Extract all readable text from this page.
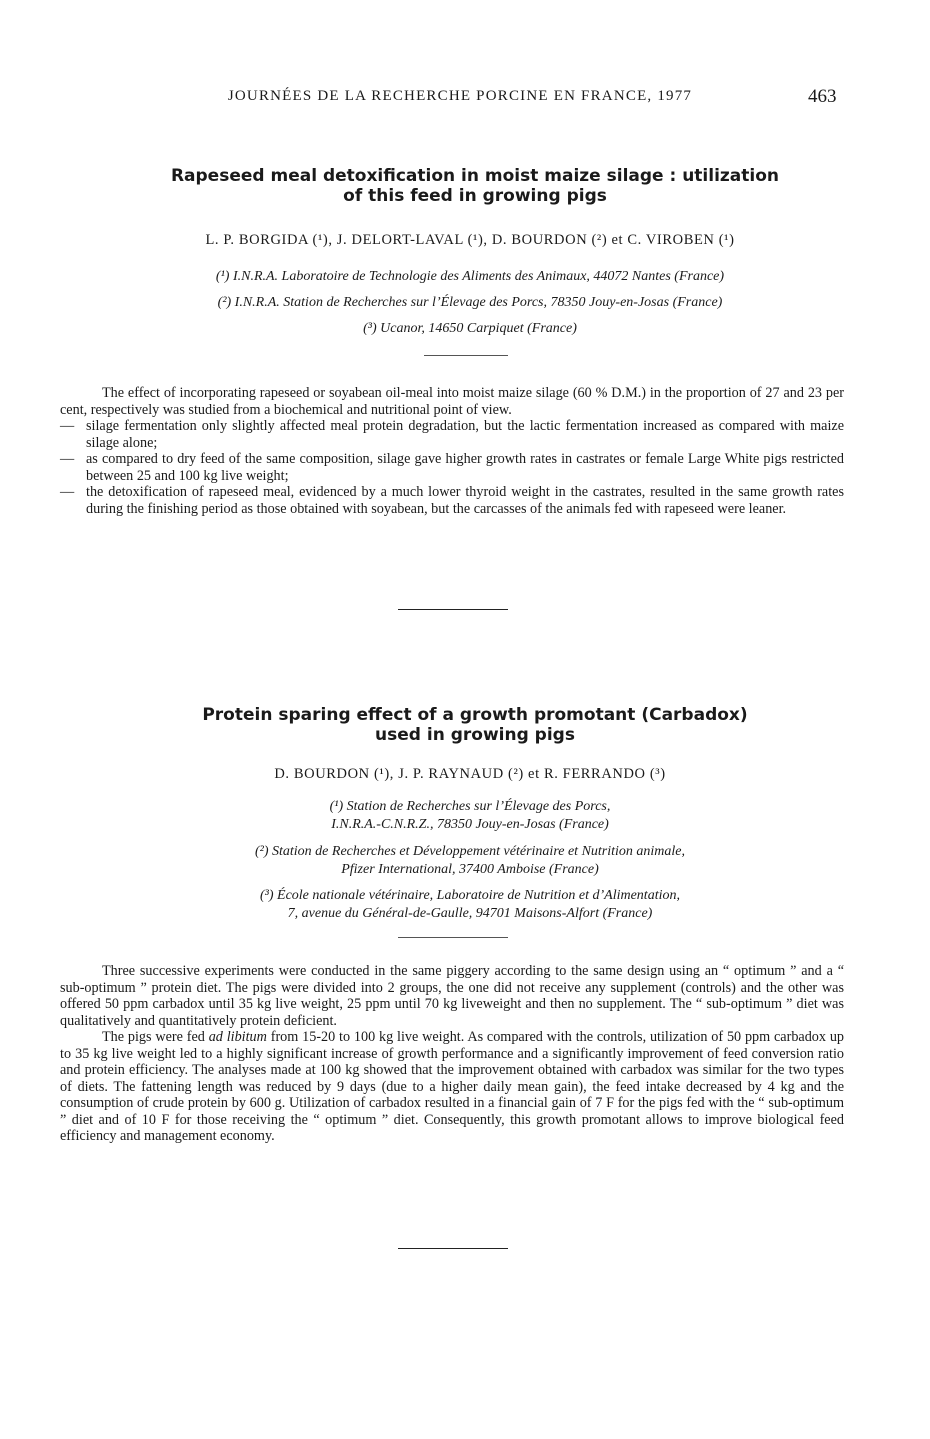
JOURNÉES DE LA RECHERCHE PORCINE EN FRANCE, 1977	463
Rapeseed meal detoxification in moist maize silage : utilization
of this feed in growing pigs
L. P. BORGIDA (¹), J. DELORT-LAVAL (¹), D. BOURDON (²) et C. VIROBEN (¹)
(¹) I.N.R.A. Laboratoire de Technologie des Aliments des Animaux, 44072 Nantes (France)
(²) I.N.R.A. Station de Recherches sur l’Élevage des Porcs, 78350 Jouy-en-Josas (France)
(³) Ucanor, 14650 Carpiquet (France)

The effect of incorporating rapeseed or soyabean oil-meal into moist maize silage (60 % D.M.) in the proportion of 27 and 23 per cent, respectively was studied from a biochemical and nutritional point of view.

— silage fermentation only slightly affected meal protein degradation, but the lactic fermentation increased as compared with maize silage alone;
— as compared to dry feed of the same composition, silage gave higher growth rates in castrates or female Large White pigs restricted between 25 and 100 kg live weight;
— the detoxification of rapeseed meal, evidenced by a much lower thyroid weight in the castrates, resulted in the same growth rates during the finishing period as those obtained with soyabean, but the carcasses of the animals fed with rapeseed were leaner.
Protein sparing effect of a growth promotant (Carbadox)
used in growing pigs
D. BOURDON (¹), J. P. RAYNAUD (²) et R. FERRANDO (³)
(¹) Station de Recherches sur l’Élevage des Porcs,
I.N.R.A.-C.N.R.Z., 78350 Jouy-en-Josas (France)
(²) Station de Recherches et Développement vétérinaire et Nutrition animale,
Pfizer International, 37400 Amboise (France)
(³) École nationale vétérinaire, Laboratoire de Nutrition et d’Alimentation,
7, avenue du Général-de-Gaulle, 94701 Maisons-Alfort (France)

Three successive experiments were conducted in the same piggery according to the same design using an “ optimum ” and a “ sub-optimum ” protein diet. The pigs were divided into 2 groups, the one did not receive any supplement (controls) and the other was offered 50 ppm carbadox until 35 kg live weight, 25 ppm until 70 kg liveweight and then no supplement. The “ sub-optimum ” diet was qualitatively and quantitatively protein deficient.

The pigs were fed ad libitum from 15-20 to 100 kg live weight. As compared with the controls, utilization of 50 ppm carbadox up to 35 kg live weight led to a highly significant increase of growth performance and a significantly improvement of feed conversion ratio and protein efficiency. The analyses made at 100 kg showed that the improvement obtained with carbadox was similar for the two types of diets. The fattening length was reduced by 9 days (due to a higher daily mean gain), the feed intake decreased by 4 kg and the consumption of crude protein by 600 g. Utilization of carbadox resulted in a financial gain of 7 F for the pigs fed with the “ sub-optimum ” diet and of 10 F for those receiving the “ optimum ” diet. Consequently, this growth promotant allows to improve biological feed efficiency and management economy.
